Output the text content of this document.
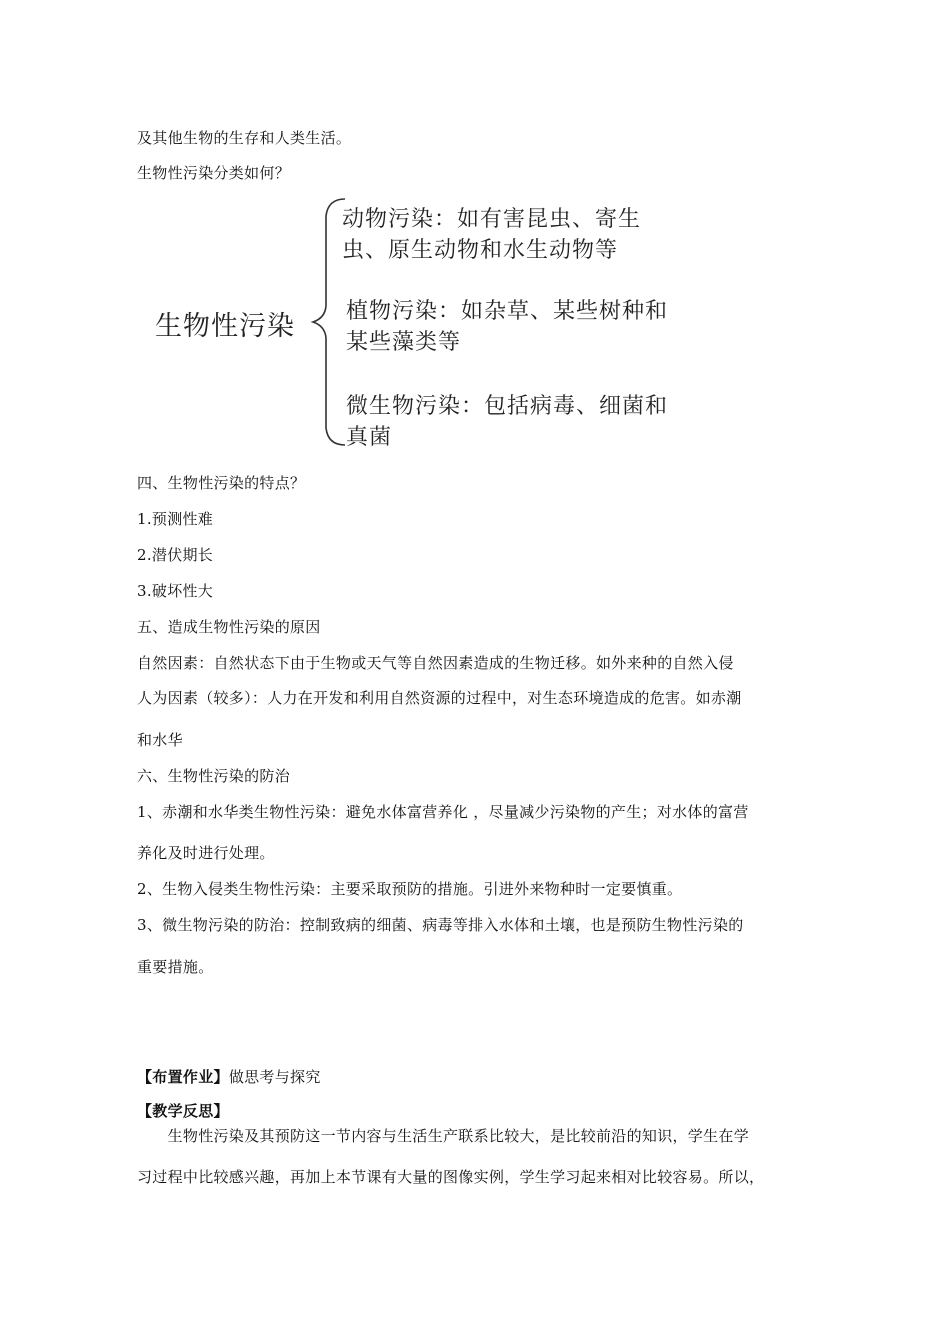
及其他生物的生存和人类生活。
生物性污染分类如何？
生物性污染
动物污染：如有害昆虫、寄生虫、原生动物和水生动物等
植物污染：如杂草、某些树种和某些藻类等
微生物污染：包括病毒、细菌和真菌
四、生物性污染的特点？
1.预测性难
2.潜伏期长
3.破坏性大
五、造成生物性污染的原因
自然因素：自然状态下由于生物或天气等自然因素造成的生物迁移。如外来种的自然入侵
人为因素（较多）：人力在开发和利用自然资源的过程中，对生态环境造成的危害。如赤潮
和水华
六、生物性污染的防治
1、赤潮和水华类生物性污染：避免水体富营养化 ，尽量减少污染物的产生；对水体的富营
养化及时进行处理。
2、生物入侵类生物性污染：主要采取预防的措施。引进外来物种时一定要慎重。
3、微生物污染的防治：控制致病的细菌、病毒等排入水体和土壤，也是预防生物性污染的
重要措施。
【布置作业】做思考与探究
【教学反思】
　　生物性污染及其预防这一节内容与生活生产联系比较大，是比较前沿的知识，学生在学
习过程中比较感兴趣，再加上本节课有大量的图像实例，学生学习起来相对比较容易。所以，
